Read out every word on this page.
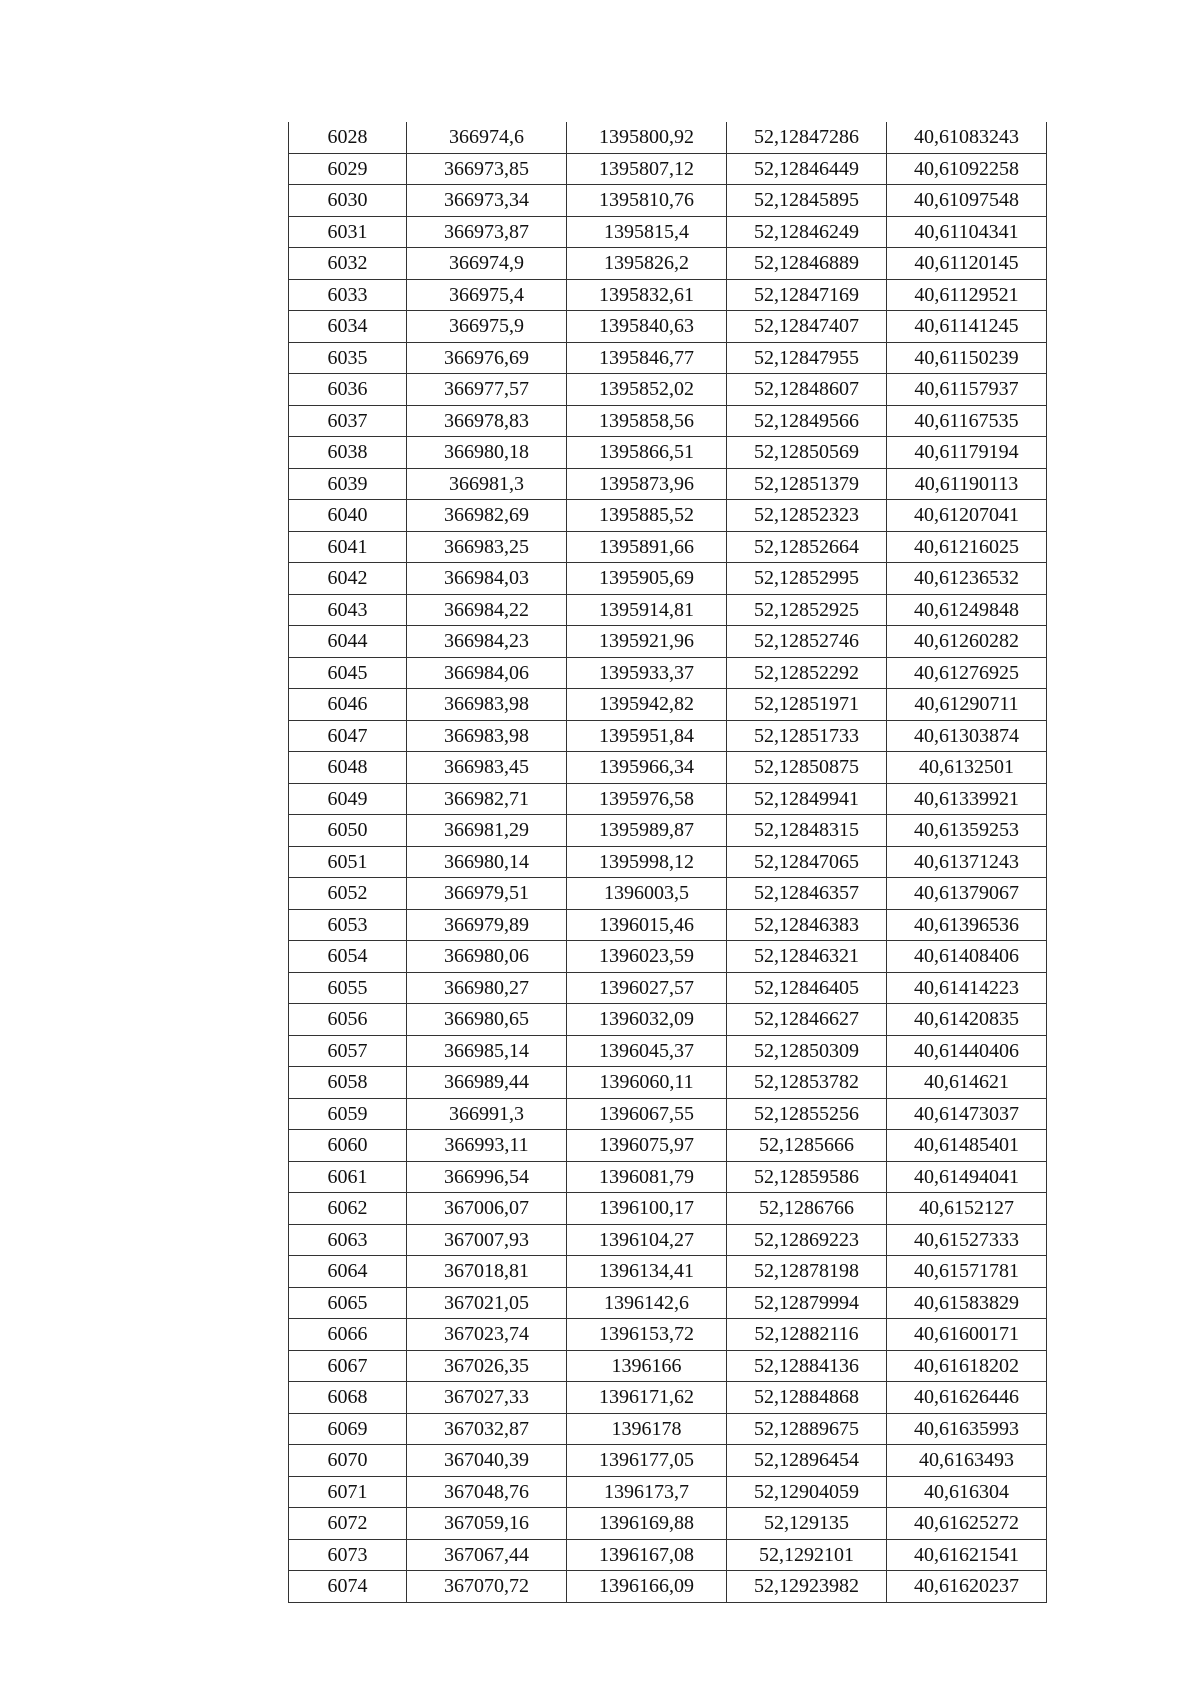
6028	366974,6	1395800,92	52,12847286	40,61083243
6029	366973,85	1395807,12	52,12846449	40,61092258
6030	366973,34	1395810,76	52,12845895	40,61097548
6031	366973,87	1395815,4	52,12846249	40,61104341
6032	366974,9	1395826,2	52,12846889	40,61120145
6033	366975,4	1395832,61	52,12847169	40,61129521
6034	366975,9	1395840,63	52,12847407	40,61141245
6035	366976,69	1395846,77	52,12847955	40,61150239
6036	366977,57	1395852,02	52,12848607	40,61157937
6037	366978,83	1395858,56	52,12849566	40,61167535
6038	366980,18	1395866,51	52,12850569	40,61179194
6039	366981,3	1395873,96	52,12851379	40,61190113
6040	366982,69	1395885,52	52,12852323	40,61207041
6041	366983,25	1395891,66	52,12852664	40,61216025
6042	366984,03	1395905,69	52,12852995	40,61236532
6043	366984,22	1395914,81	52,12852925	40,61249848
6044	366984,23	1395921,96	52,12852746	40,61260282
6045	366984,06	1395933,37	52,12852292	40,61276925
6046	366983,98	1395942,82	52,12851971	40,61290711
6047	366983,98	1395951,84	52,12851733	40,61303874
6048	366983,45	1395966,34	52,12850875	40,6132501
6049	366982,71	1395976,58	52,12849941	40,61339921
6050	366981,29	1395989,87	52,12848315	40,61359253
6051	366980,14	1395998,12	52,12847065	40,61371243
6052	366979,51	1396003,5	52,12846357	40,61379067
6053	366979,89	1396015,46	52,12846383	40,61396536
6054	366980,06	1396023,59	52,12846321	40,61408406
6055	366980,27	1396027,57	52,12846405	40,61414223
6056	366980,65	1396032,09	52,12846627	40,61420835
6057	366985,14	1396045,37	52,12850309	40,61440406
6058	366989,44	1396060,11	52,12853782	40,614621
6059	366991,3	1396067,55	52,12855256	40,61473037
6060	366993,11	1396075,97	52,1285666	40,61485401
6061	366996,54	1396081,79	52,12859586	40,61494041
6062	367006,07	1396100,17	52,1286766	40,6152127
6063	367007,93	1396104,27	52,12869223	40,61527333
6064	367018,81	1396134,41	52,12878198	40,61571781
6065	367021,05	1396142,6	52,12879994	40,61583829
6066	367023,74	1396153,72	52,12882116	40,61600171
6067	367026,35	1396166	52,12884136	40,61618202
6068	367027,33	1396171,62	52,12884868	40,61626446
6069	367032,87	1396178	52,12889675	40,61635993
6070	367040,39	1396177,05	52,12896454	40,6163493
6071	367048,76	1396173,7	52,12904059	40,616304
6072	367059,16	1396169,88	52,129135	40,61625272
6073	367067,44	1396167,08	52,1292101	40,61621541
6074	367070,72	1396166,09	52,12923982	40,61620237
